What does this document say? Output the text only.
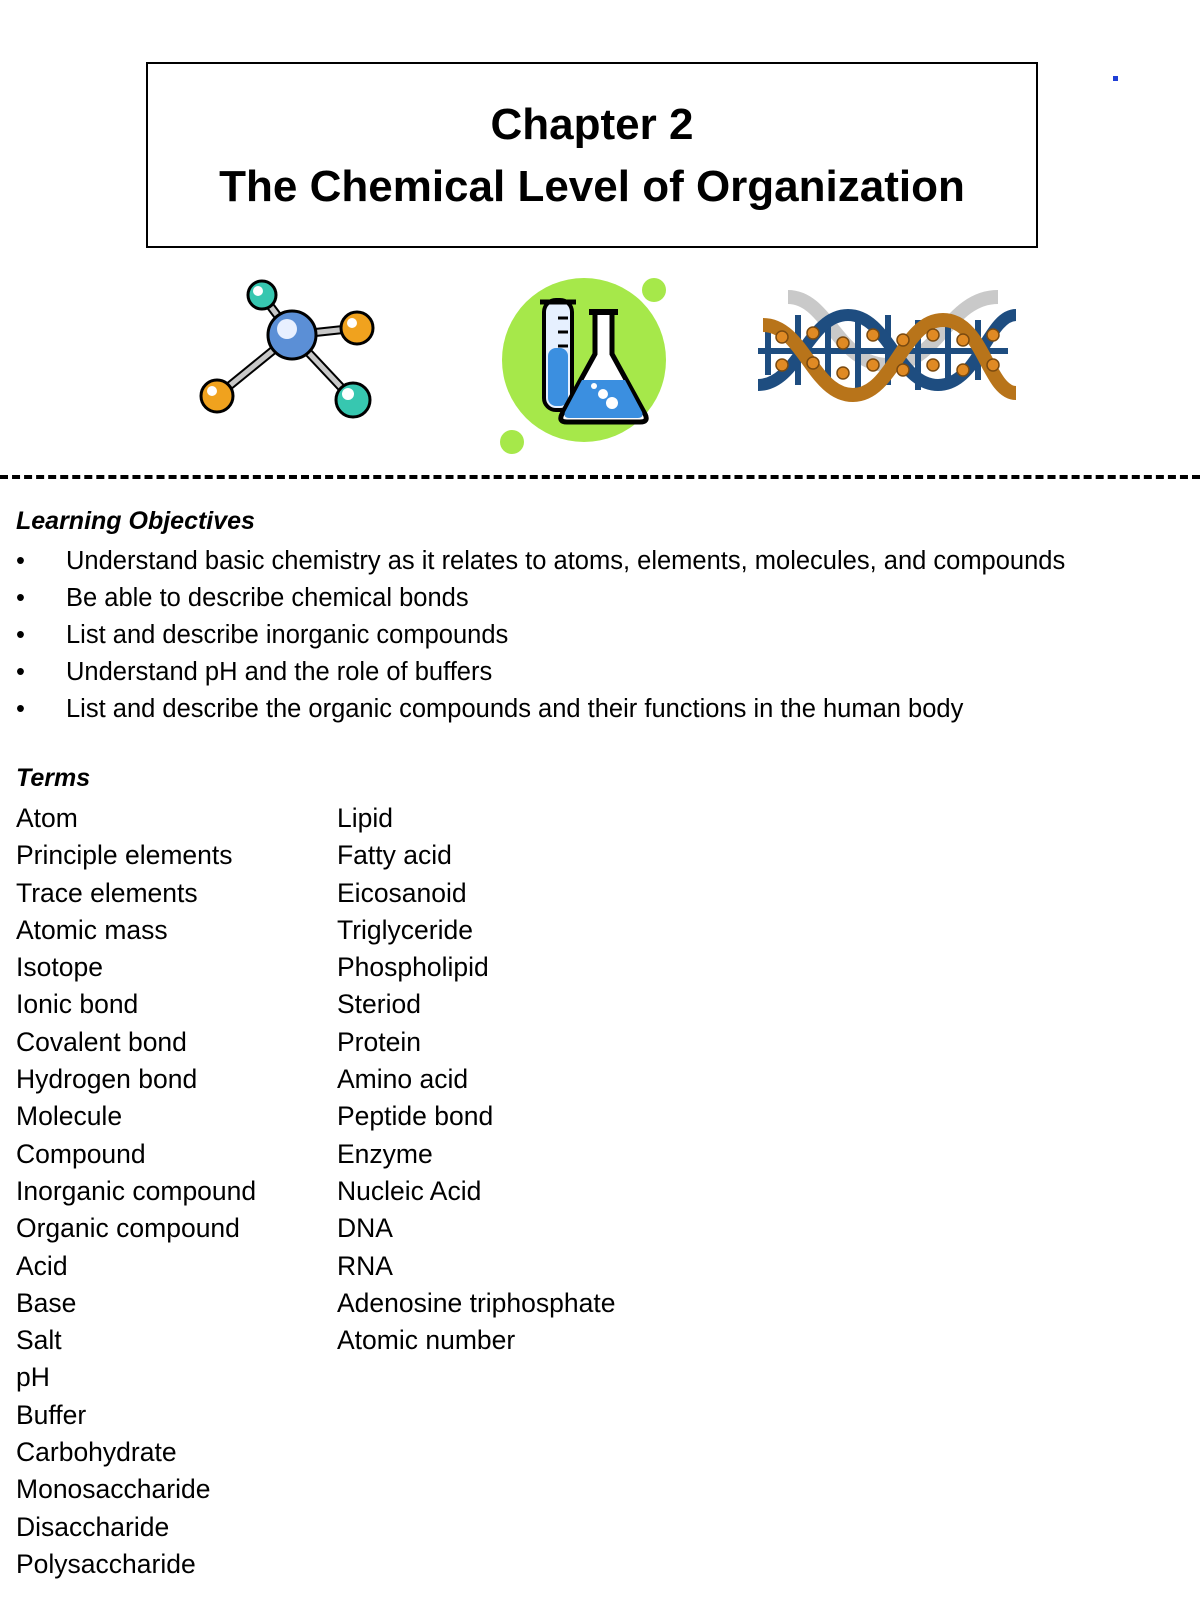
Chapter 2
The Chemical Level of Organization
Learning Objectives
• Understand basic chemistry as it relates to atoms, elements, molecules, and compounds
• Be able to describe chemical bonds
• List and describe inorganic compounds
• Understand pH and the role of buffers
• List and describe the organic compounds and their functions in the human body
Terms
Atom
Principle elements
Trace elements
Atomic mass
Isotope
Ionic bond
Covalent bond
Hydrogen bond
Molecule
Compound
Inorganic compound
Organic compound
Acid
Base
Salt
pH
Buffer
Carbohydrate
Monosaccharide
Disaccharide
Polysaccharide
Lipid
Fatty acid
Eicosanoid
Triglyceride
Phospholipid
Steriod
Protein
Amino acid
Peptide bond
Enzyme
Nucleic Acid
DNA
RNA
Adenosine triphosphate
Atomic number
